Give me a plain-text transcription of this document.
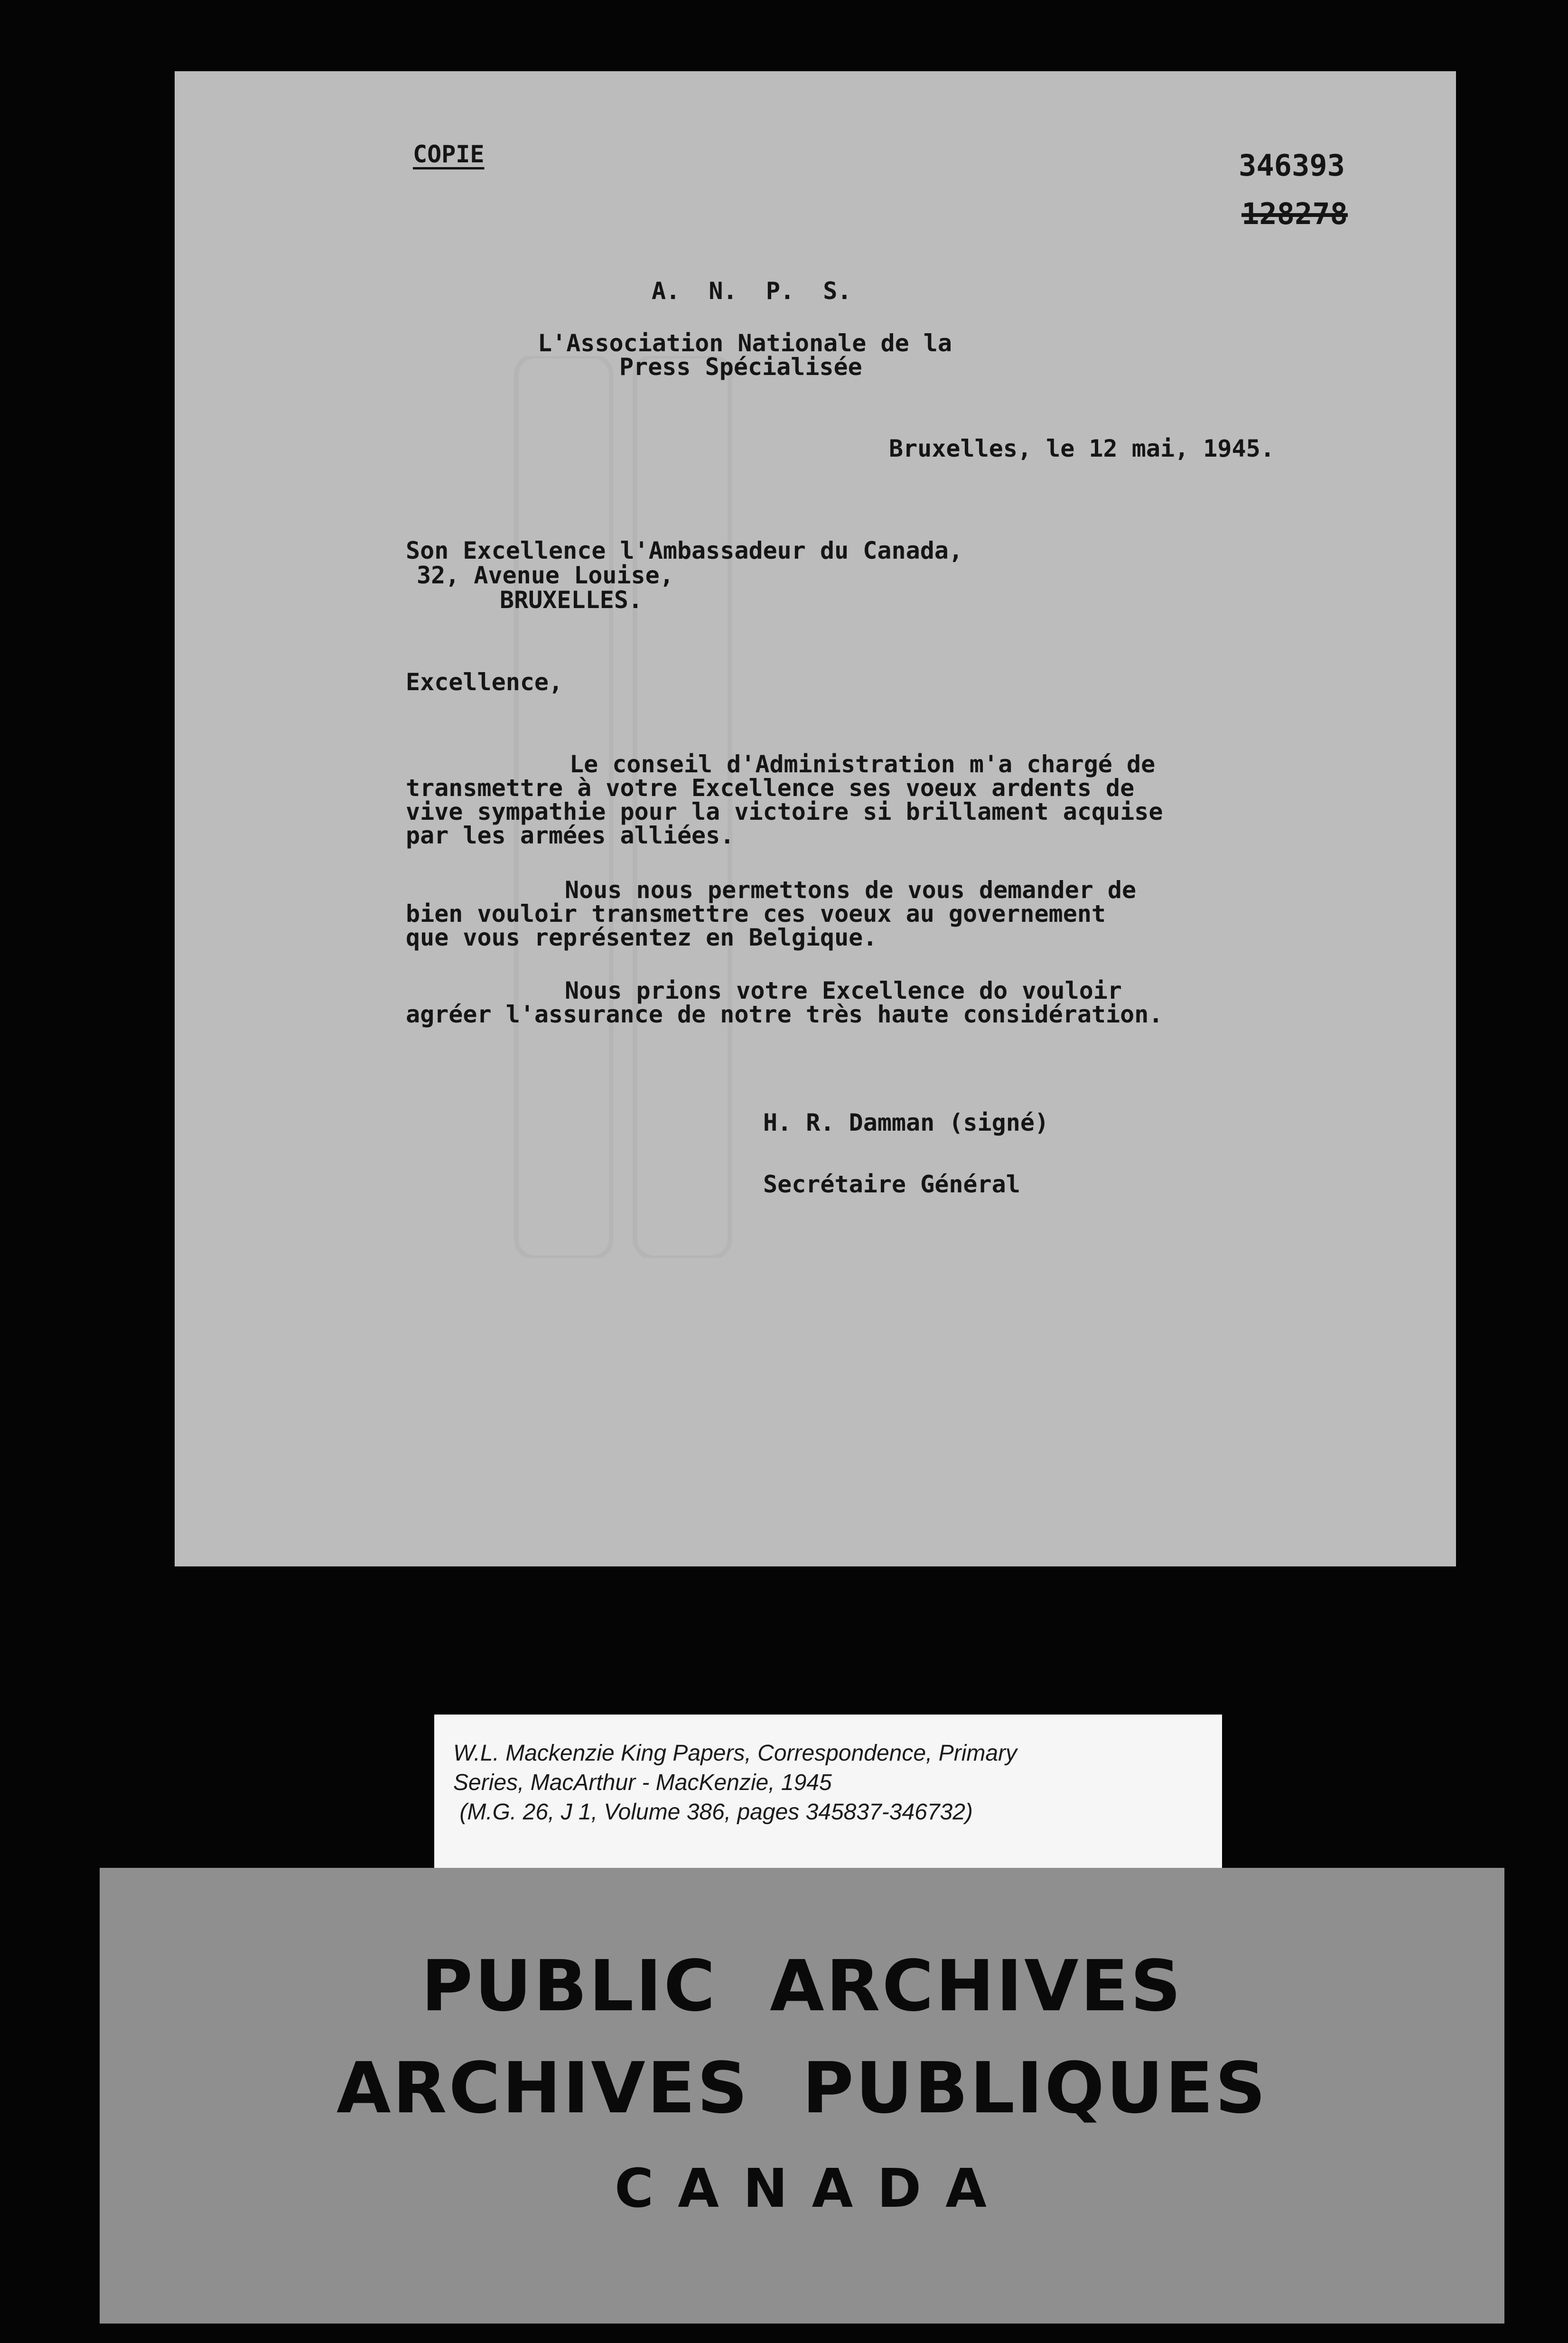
COPIE	346393
128278
A.  N.  P.  S.
L'Association Nationale de la
Press Spécialisée
Bruxelles, le 12 mai, 1945.
Son Excellence l'Ambassadeur du Canada,
32, Avenue Louise,
BRUXELLES.
Excellence,
Le conseil d'Administration m'a chargé de
transmettre à votre Excellence ses voeux ardents de
vive sympathie pour la victoire si brillament acquise
par les armées alliées.
Nous nous permettons de vous demander de
bien vouloir transmettre ces voeux au governement
que vous représentez en Belgique.
Nous prions votre Excellence do vouloir
agréer l'assurance de notre très haute considération.
H. R. Damman (signé)
Secrétaire Général
W.L. Mackenzie King Papers, Correspondence, Primary
Series, MacArthur - MacKenzie, 1945
(M.G. 26, J 1, Volume 386, pages 345837-346732)
PUBLIC  ARCHIVES
ARCHIVES  PUBLIQUES
C A N A D A
